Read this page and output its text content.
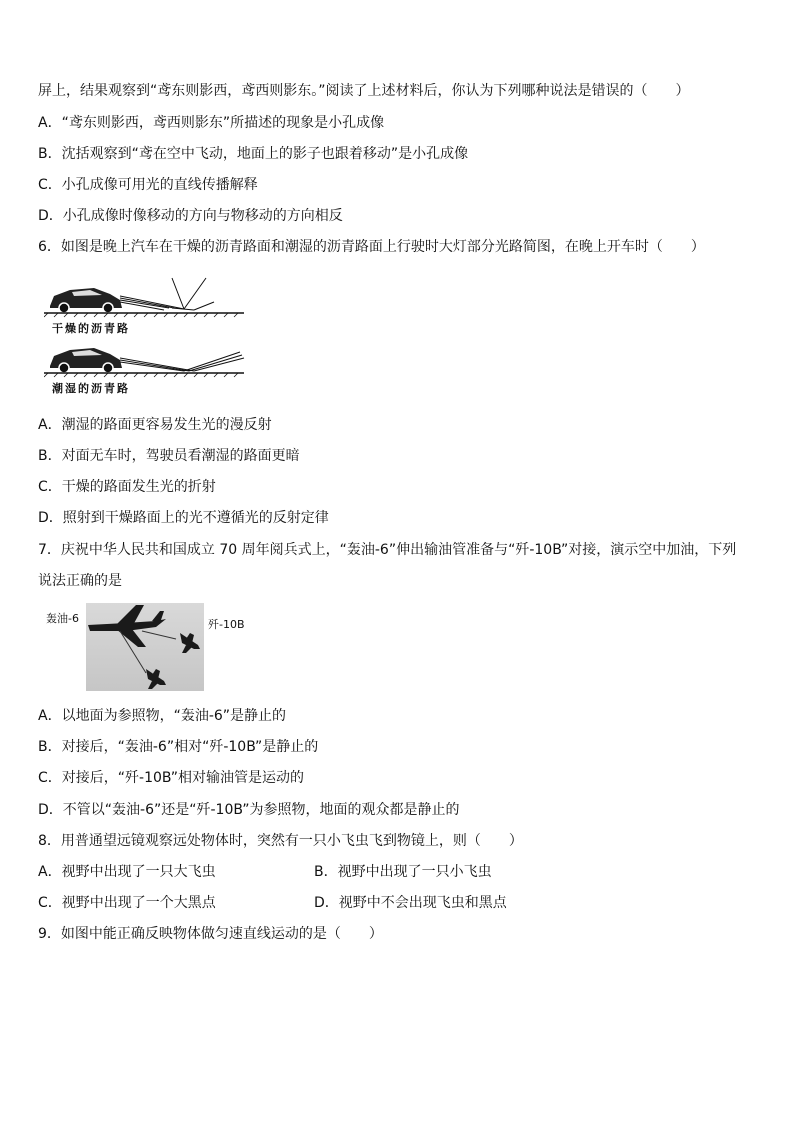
屏上，结果观察到“鸢东则影西，鸢西则影东。”阅读了上述材料后，你认为下列哪种说法是错误的（　　）
A．“鸢东则影西，鸢西则影东”所描述的现象是小孔成像
B．沈括观察到“鸢在空中飞动，地面上的影子也跟着移动”是小孔成像
C．小孔成像可用光的直线传播解释
D．小孔成像时像移动的方向与物移动的方向相反
6．如图是晚上汽车在干燥的沥青路面和潮湿的沥青路面上行驶时大灯部分光路简图，在晚上开车时（　　）
干燥的沥青路
潮湿的沥青路
A．潮湿的路面更容易发生光的漫反射
B．对面无车时，驾驶员看潮湿的路面更暗
C．干燥的路面发生光的折射
D．照射到干燥路面上的光不遵循光的反射定律
7．庆祝中华人民共和国成立 70 周年阅兵式上，“轰油-6”伸出输油管准备与“歼-10B”对接，演示空中加油，下列
说法正确的是
轰油-6	歼-10B
A．以地面为参照物，“轰油-6”是静止的
B．对接后，“轰油-6”相对“歼-10B”是静止的
C．对接后，“歼-10B”相对输油管是运动的
D．不管以“轰油-6”还是“歼-10B”为参照物，地面的观众都是静止的
8．用普通望远镜观察远处物体时，突然有一只小飞虫飞到物镜上，则（　　）
A．视野中出现了一只大飞虫	B．视野中出现了一只小飞虫
C．视野中出现了一个大黑点	D．视野中不会出现飞虫和黑点
9．如图中能正确反映物体做匀速直线运动的是（　　）
